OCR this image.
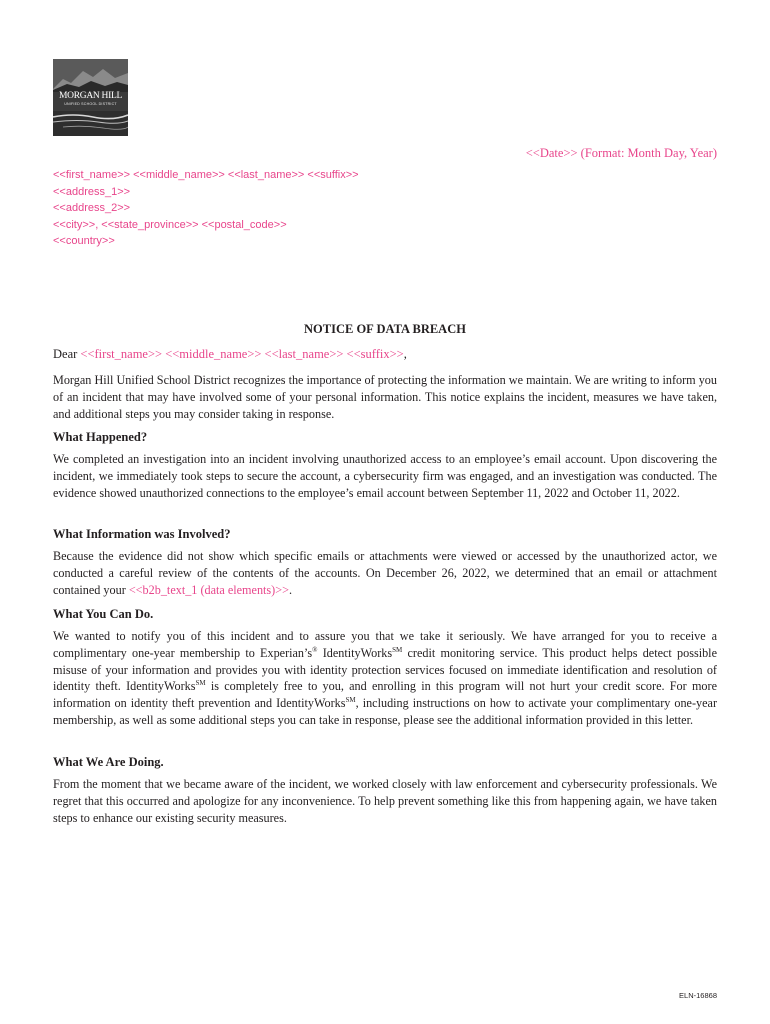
MORGAN HILL
UNIFIED SCHOOL DISTRICT
<<Date>> (Format: Month Day, Year)
<<first_name>> <<middle_name>> <<last_name>> <<suffix>>
<<address_1>>
<<address_2>>
<<city>>, <<state_province>> <<postal_code>>
<<country>>
NOTICE OF DATA BREACH
Dear <<first_name>> <<middle_name>> <<last_name>> <<suffix>>,
Morgan Hill Unified School District recognizes the importance of protecting the information we maintain. We are writing to inform you of an incident that may have involved some of your personal information. This notice explains the incident, measures we have taken, and additional steps you may consider taking in response.
What Happened?
We completed an investigation into an incident involving unauthorized access to an employee’s email account. Upon discovering the incident, we immediately took steps to secure the account, a cybersecurity firm was engaged, and an investigation was conducted. The evidence showed unauthorized connections to the employee’s email account between September 11, 2022 and October 11, 2022.
What Information was Involved?
Because the evidence did not show which specific emails or attachments were viewed or accessed by the unauthorized actor, we conducted a careful review of the contents of the accounts. On December 26, 2022, we determined that an email or attachment contained your <<b2b_text_1 (data elements)>>.
What You Can Do.
We wanted to notify you of this incident and to assure you that we take it seriously. We have arranged for you to receive a complimentary one-year membership to Experian’s® IdentityWorks℠ credit monitoring service. This product helps detect possible misuse of your information and provides you with identity protection services focused on immediate identification and resolution of identity theft. IdentityWorks℠ is completely free to you, and enrolling in this program will not hurt your credit score. For more information on identity theft prevention and IdentityWorks℠, including instructions on how to activate your complimentary one-year membership, as well as some additional steps you can take in response, please see the additional information provided in this letter.
What We Are Doing.
From the moment that we became aware of the incident, we worked closely with law enforcement and cybersecurity professionals. We regret that this occurred and apologize for any inconvenience. To help prevent something like this from happening again, we have taken steps to enhance our existing security measures.
ELN-16868
